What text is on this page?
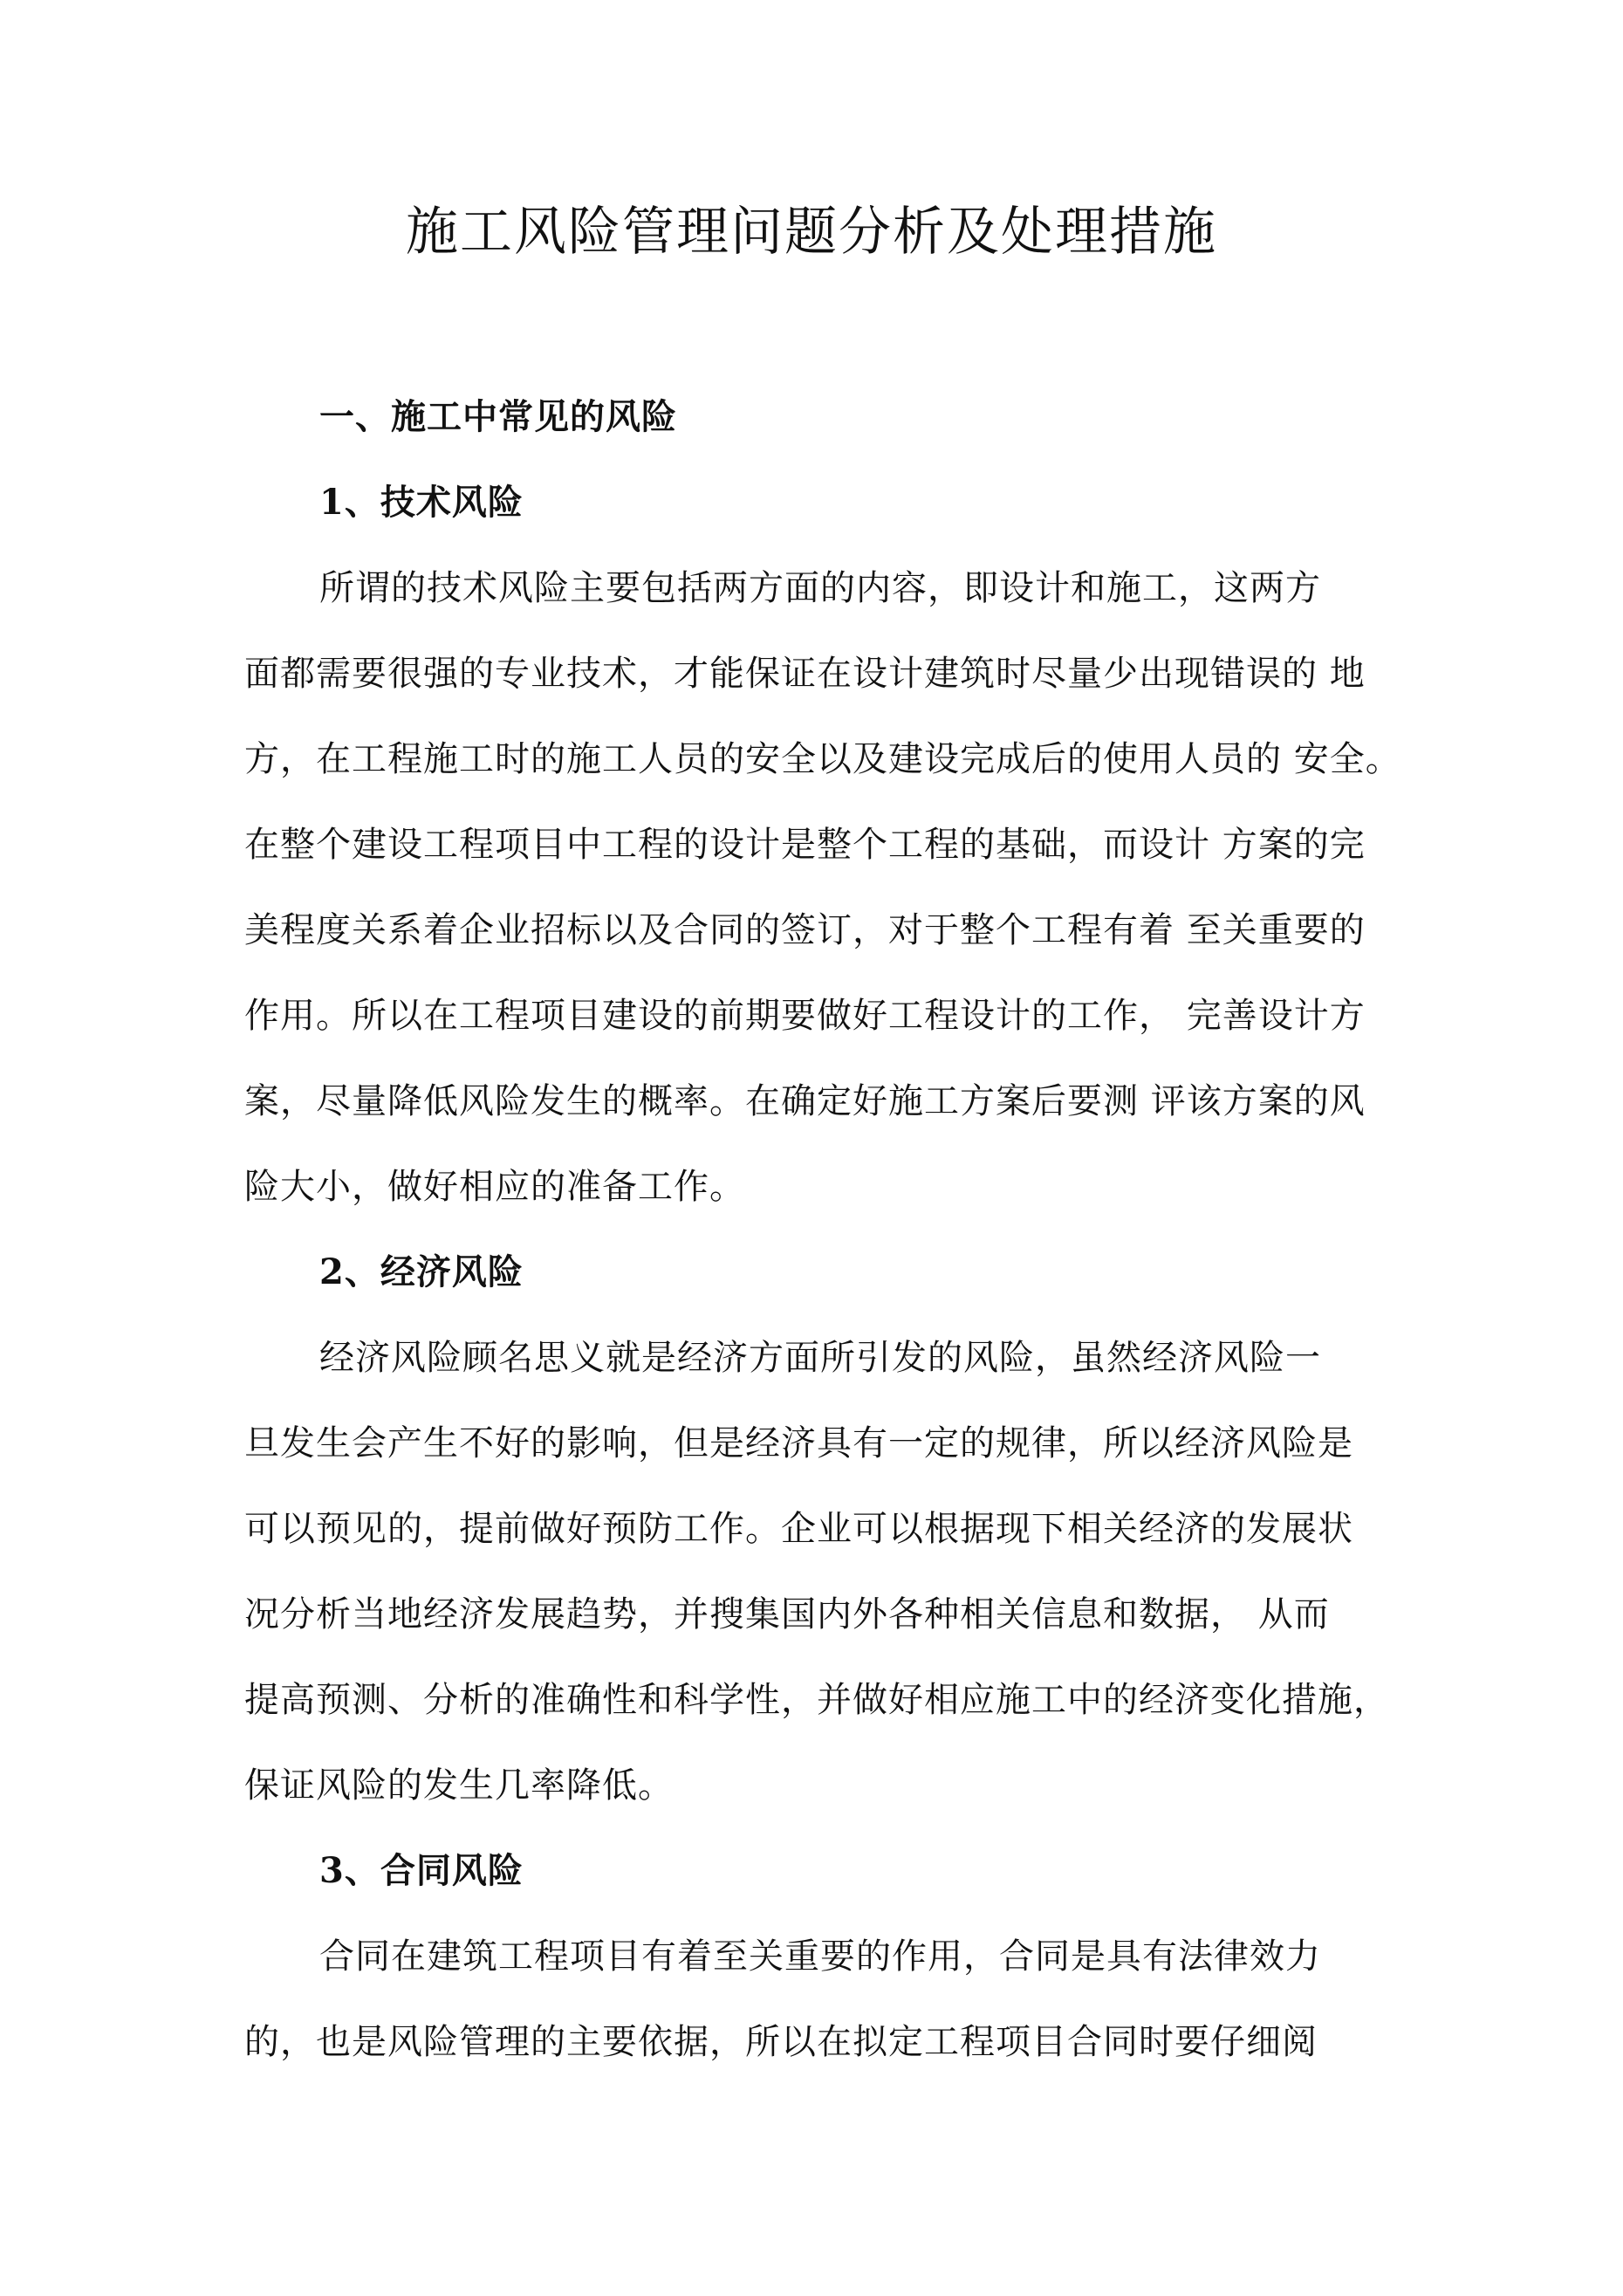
施工风险管理问题分析及处理措施
一、施工中常见的风险
1、技术风险
所谓的技术风险主要包括两方面的内容，即设计和施工，这两方
面都需要很强的专业技术，才能保证在设计建筑时尽量少出现错误的 地
方，在工程施工时的施工人员的安全以及建设完成后的使用人员的 安全。
在整个建设工程项目中工程的设计是整个工程的基础，而设计 方案的完
美程度关系着企业招标以及合同的签订，对于整个工程有着 至关重要的
作用。所以在工程项目建设的前期要做好工程设计的工作， 完善设计方
案，尽量降低风险发生的概率。在确定好施工方案后要测 评该方案的风
险大小，做好相应的准备工作。
2、经济风险
经济风险顾名思义就是经济方面所引发的风险，虽然经济风险一
旦发生会产生不好的影响，但是经济具有一定的规律，所以经济风险是
可以预见的，提前做好预防工作。企业可以根据现下相关经济的发展状
况分析当地经济发展趋势，并搜集国内外各种相关信息和数据， 从而
提高预测、分析的准确性和科学性，并做好相应施工中的经济变化措施，
保证风险的发生几率降低。
3、合同风险
合同在建筑工程项目有着至关重要的作用，合同是具有法律效力
的，也是风险管理的主要依据，所以在拟定工程项目合同时要仔细阅
